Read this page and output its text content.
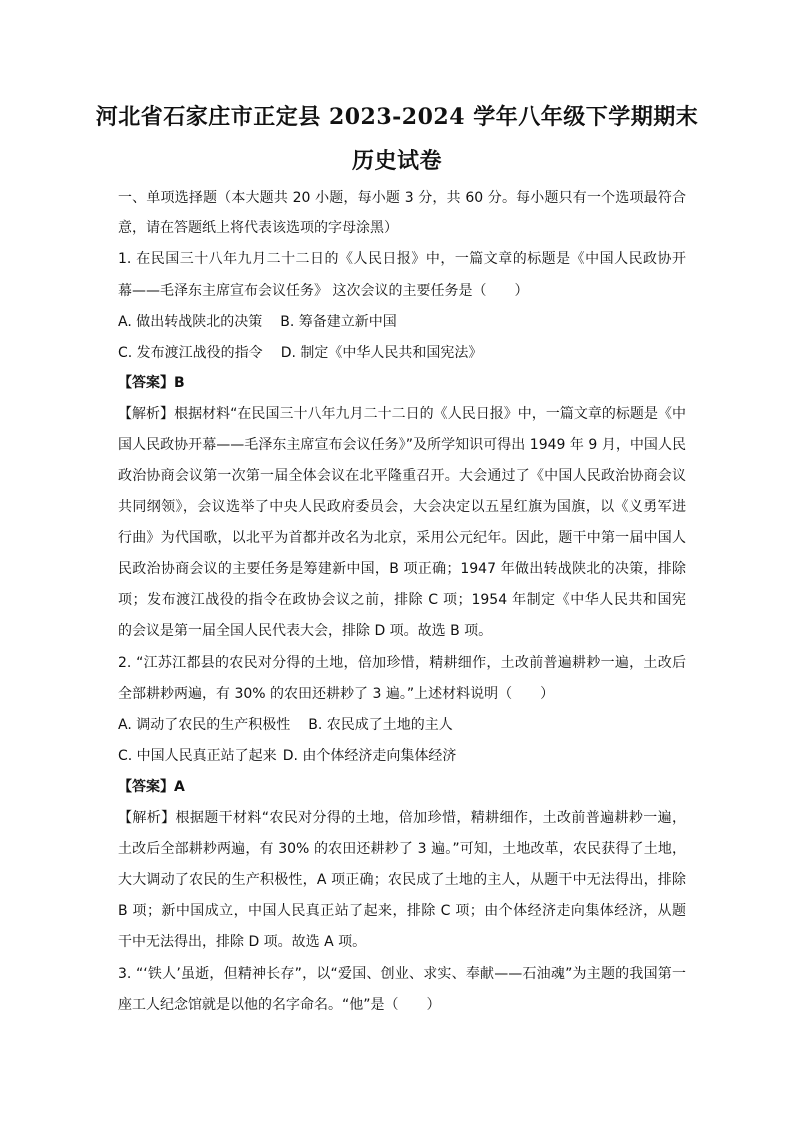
河北省石家庄市正定县 2023-2024 学年八年级下学期期末
历史试卷
一、单项选择题（本大题共 20 小题，每小题 3 分，共 60 分。每小题只有一个选项最符合
意，请在答题纸上将代表该选项的字母涂黑）
1. 在民国三十八年九月二十二日的《人民日报》中，一篇文章的标题是《中国人民政协开
幕——毛泽东主席宣布会议任务》 这次会议的主要任务是（　　）
A. 做出转战陕北的决策 B. 筹备建立新中国
C. 发布渡江战役的指令 D. 制定《中华人民共和国宪法》
【答案】B
【解析】根据材料“在民国三十八年九月二十二日的《人民日报》中，一篇文章的标题是《中
国人民政协开幕——毛泽东主席宣布会议任务》”及所学知识可得出 1949 年 9 月，中国人民
政治协商会议第一次第一届全体会议在北平隆重召开。大会通过了《中国人民政治协商会议
共同纲领》，会议选举了中央人民政府委员会，大会决定以五星红旗为国旗，以《义勇军进
行曲》为代国歌，以北平为首都并改名为北京，采用公元纪年。因此，题干中第一届中国人
民政治协商会议的主要任务是筹建新中国，B 项正确；1947 年做出转战陕北的决策，排除
项；发布渡江战役的指令在政协会议之前，排除 C 项；1954 年制定《中华人民共和国宪
的会议是第一届全国人民代表大会，排除 D 项。故选 B 项。
2. “江苏江都县的农民对分得的土地，倍加珍惜，精耕细作，土改前普遍耕耖一遍，土改后
全部耕耖两遍，有 30% 的农田还耕耖了 3 遍。”上述材料说明（　　）
A. 调动了农民的生产积极性 B. 农民成了土地的主人
C. 中国人民真正站了起来 D. 由个体经济走向集体经济
【答案】A
【解析】根据题干材料“农民对分得的土地，倍加珍惜，精耕细作，土改前普遍耕耖一遍，
土改后全部耕耖两遍，有 30% 的农田还耕耖了 3 遍。”可知，土地改革，农民获得了土地，
大大调动了农民的生产积极性，A 项正确；农民成了土地的主人，从题干中无法得出，排除
B 项；新中国成立，中国人民真正站了起来，排除 C 项；由个体经济走向集体经济，从题
干中无法得出，排除 D 项。故选 A 项。
3. “‘铁人’虽逝，但精神长存”，以“爱国、创业、求实、奉献——石油魂”为主题的我国第一
座工人纪念馆就是以他的名字命名。“他”是（　　）
